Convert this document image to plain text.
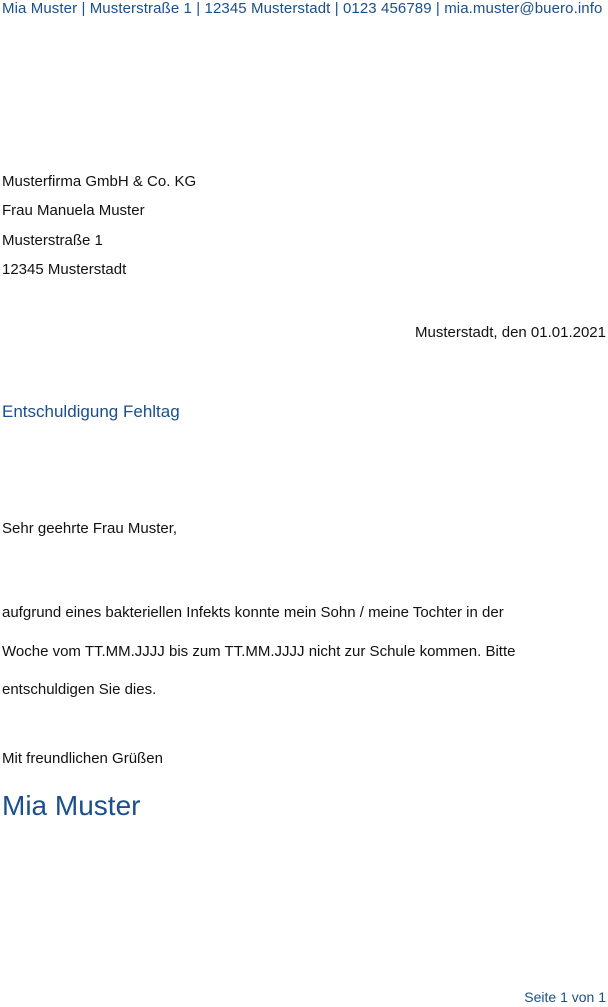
Mia Muster | Musterstraße 1 | 12345 Musterstadt | 0123 456789 | mia.muster@buero.info
Musterfirma GmbH & Co. KG
Frau Manuela Muster
Musterstraße 1
12345 Musterstadt
Musterstadt, den 01.01.2021
Entschuldigung Fehltag
Sehr geehrte Frau Muster,
aufgrund eines bakteriellen Infekts konnte mein Sohn / meine Tochter in der
Woche vom TT.MM.JJJJ bis zum TT.MM.JJJJ nicht zur Schule kommen. Bitte
entschuldigen Sie dies.
Mit freundlichen Grüßen
Mia Muster
Seite 1 von 1
